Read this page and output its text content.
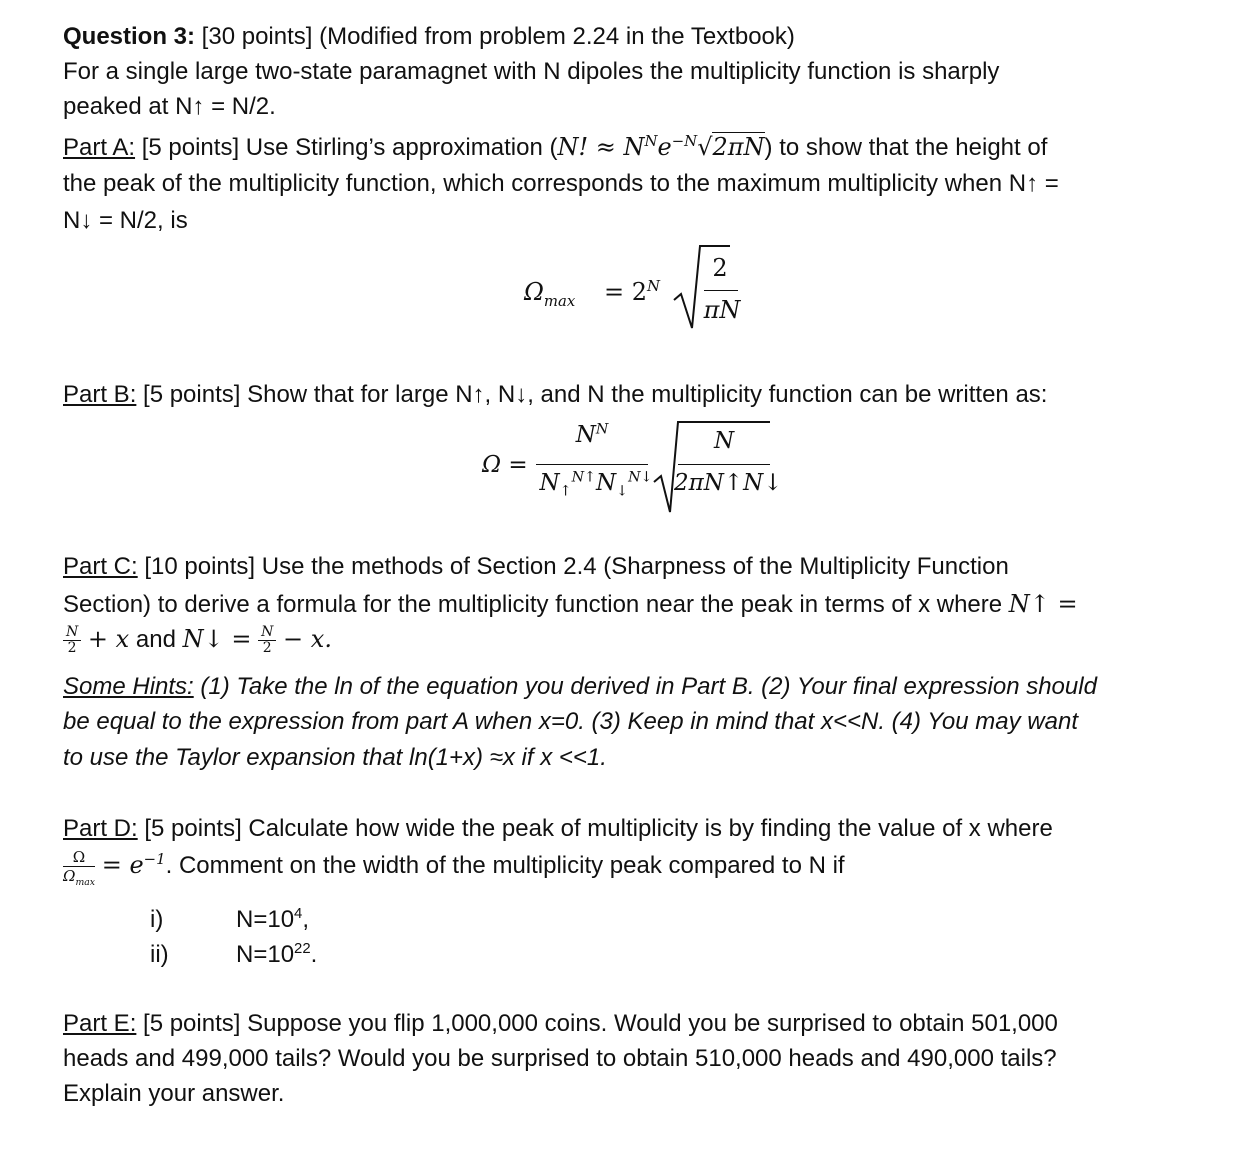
Question 3: [30 points] (Modified from problem 2.24 in the Textbook)
For a single large two-state paramagnet with N dipoles the multiplicity function is sharply
peaked at N↑ = N/2.
Part A: [5 points] Use Stirling’s approximation (N! ≈ $N^Ne^{-N}√2\pi N$) to show that the height of
the peak of the multiplicity function, which corresponds to the maximum multiplicity when N↑ =
N↓ = N/2, is
$\Omega_{max} = 2^N$
2
πN
Part B: [5 points] Show that for large N↑, N↓, and N the multiplicity function can be written as:
Ω =
$N^N$
$N_↑^{N↑}N_↓^{N↓}$
N
2πN↑N↓
Part C: [10 points] Use the methods of Section 2.4 (Sharpness of the Multiplicity Function
Section) to derive a formula for the multiplicity function near the peak in terms of x where N↑ =
$\frac{N}{2} + x$ and N↓ = $\frac{N}{2} - x$.
Some Hints: (1) Take the ln of the equation you derived in Part B. (2) Your final expression should
be equal to the expression from part A when x=0. (3) Keep in mind that x<<N. (4) You may want
to use the Taylor expansion that ln(1+x) ≈x if x <<1.
Part D: [5 points] Calculate how wide the peak of multiplicity is by finding the value of x where
$\frac{\Omega}{\Omega_{max}} = e^{-1}$. Comment on the width of the multiplicity peak compared to N if
i)	$N=10^4$,
ii)	$N=10^{22}$.
Part E: [5 points] Suppose you flip 1,000,000 coins. Would you be surprised to obtain 501,000
heads and 499,000 tails? Would you be surprised to obtain 510,000 heads and 490,000 tails?
Explain your answer.
